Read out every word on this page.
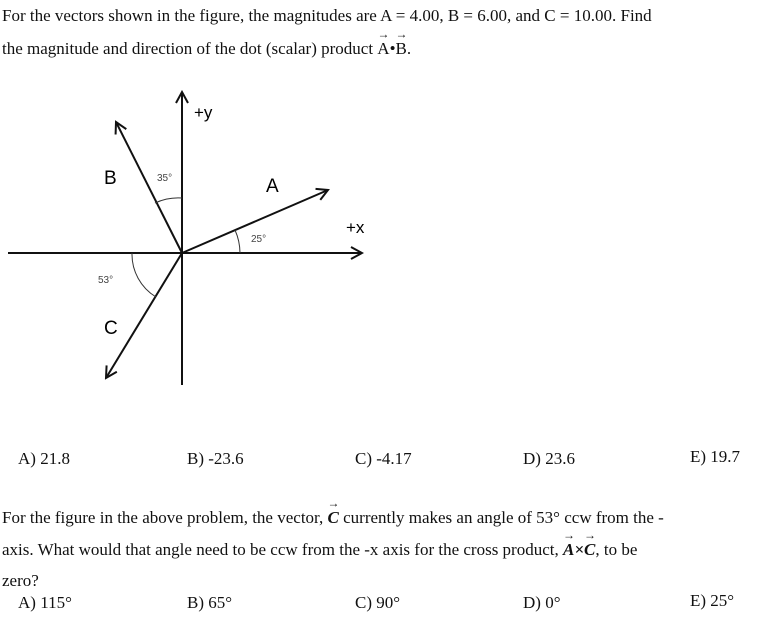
For the vectors shown in the figure, the magnitudes are A = 4.00, B = 6.00, and C = 10.00. Find
the magnitude and direction of the dot (scalar) product
→
A•
→
B.
+y
+x
A
B
C
25°
35°
53°
A) 21.8	B) -23.6	C) -4.17	D) 23.6	E) 19.7
For the figure in the above problem, the vector,
→
C currently makes an angle of 53° ccw from the -
axis. What would that angle need to be ccw from the -x axis for the cross product,
→
A×
→
C, to be
zero?
A) 115°	B) 65°	C) 90°	D) 0°	E) 25°
